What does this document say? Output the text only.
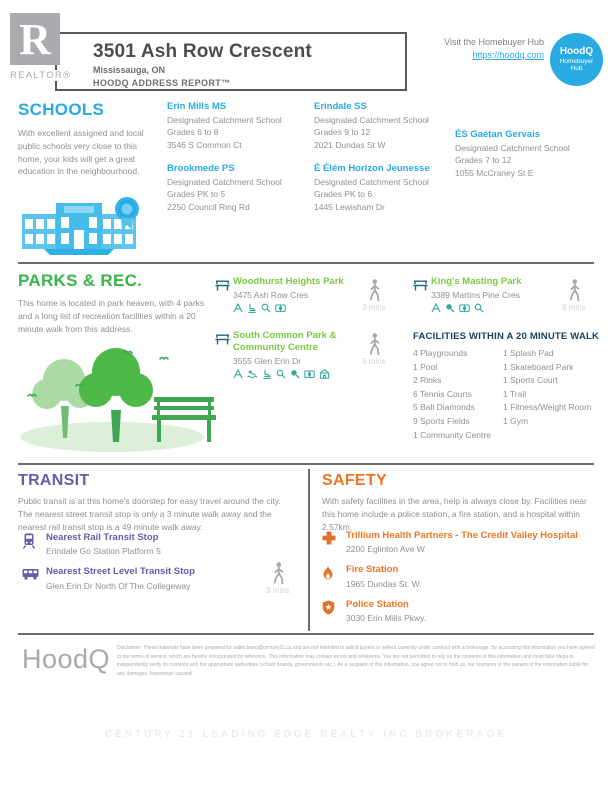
R
REALTOR®
3501 Ash Row Crescent
Mississauga, ON
HOODQ ADDRESS REPORT™
Visit the Homebuyer Hub
https://hoodq.com HoodQ
Homebuyer
Hub
SCHOOLS
With excellent assigned and local public schools very close to this home, your kids will get a great education in the neighbourhood.
Erin Mills MS
Designated Catchment School
Grades 6 to 8
3546 S Common Ct
Brookmede PS
Designated Catchment School
Grades PK to 5
2250 Council Ring Rd
Erindale SS
Designated Catchment School
Grades 9 to 12
2021 Dundas St W
É Élém Horizon Jeunesse
Designated Catchment School
Grades PK to 6
1445 Lewisham Dr
ÉS Gaétan Gervais
Designated Catchment School
Grades 7 to 12
1055 McCraney St E
PARKS & REC.
This home is located in park heaven, with 4 parks and a long list of recreation facilities within a 20 minute walk from this address.
Woodhurst Heights Park
3475 Ash Row Cres
3 mins
South Common Park & Community Centre
3555 Glen Erin Dr	5 mins
King's Masting Park
3389 Martins Pine Cres
8 mins
FACILITIES WITHIN A 20 MINUTE WALK
4 Playgrounds
1 Pool
2 Rinks
6 Tennis Courts
5 Ball Diamonds
9 Sports Fields
1 Community Centre
1 Splash Pad
1 Skateboard Park
1 Sports Court
1 Trail
1 Fitness/Weight Room
1 Gym
TRANSIT
Public transit is at this home's doorstep for easy travel around the city. The nearest street transit stop is only a 3 minute walk away and the nearest rail transit stop is a 49 minute walk away.
Nearest Rail Transit Stop
Erindale Go Station Platform 5
Nearest Street Level Transit Stop
Glen Erin Dr North Of The Collegeway	3 mins
SAFETY
With safety facilities in the area, help is always close by. Facilities near this home include a police station, a fire station, and a hospital within 2.57km.
Trillium Health Partners - The Credit Valley Hospital
2200 Eglinton Ave W
Fire Station
1965 Dundas St. W.
Police Station
3030 Erin Mills Pkwy.
HoodQ Disclaimer: These materials have been prepared for sabin.bono@century21.ca and are not intended to solicit buyers or sellers currently under contract with a brokerage. By accessing this information you have agreed to our terms of service, which are hereby incorporated by reference. This information may contain errors and omissions. You are not permitted to rely on the contents of this information and must take steps to independently verify its contents with the appropriate authorities (school boards, governments etc.). As a recipient of this information, you agree not to hold us, our licensors or the owners of the information liable for any damages, howsoever caused.
CENTURY 21 LEADING EDGE REALTY INC BROKERAGE
